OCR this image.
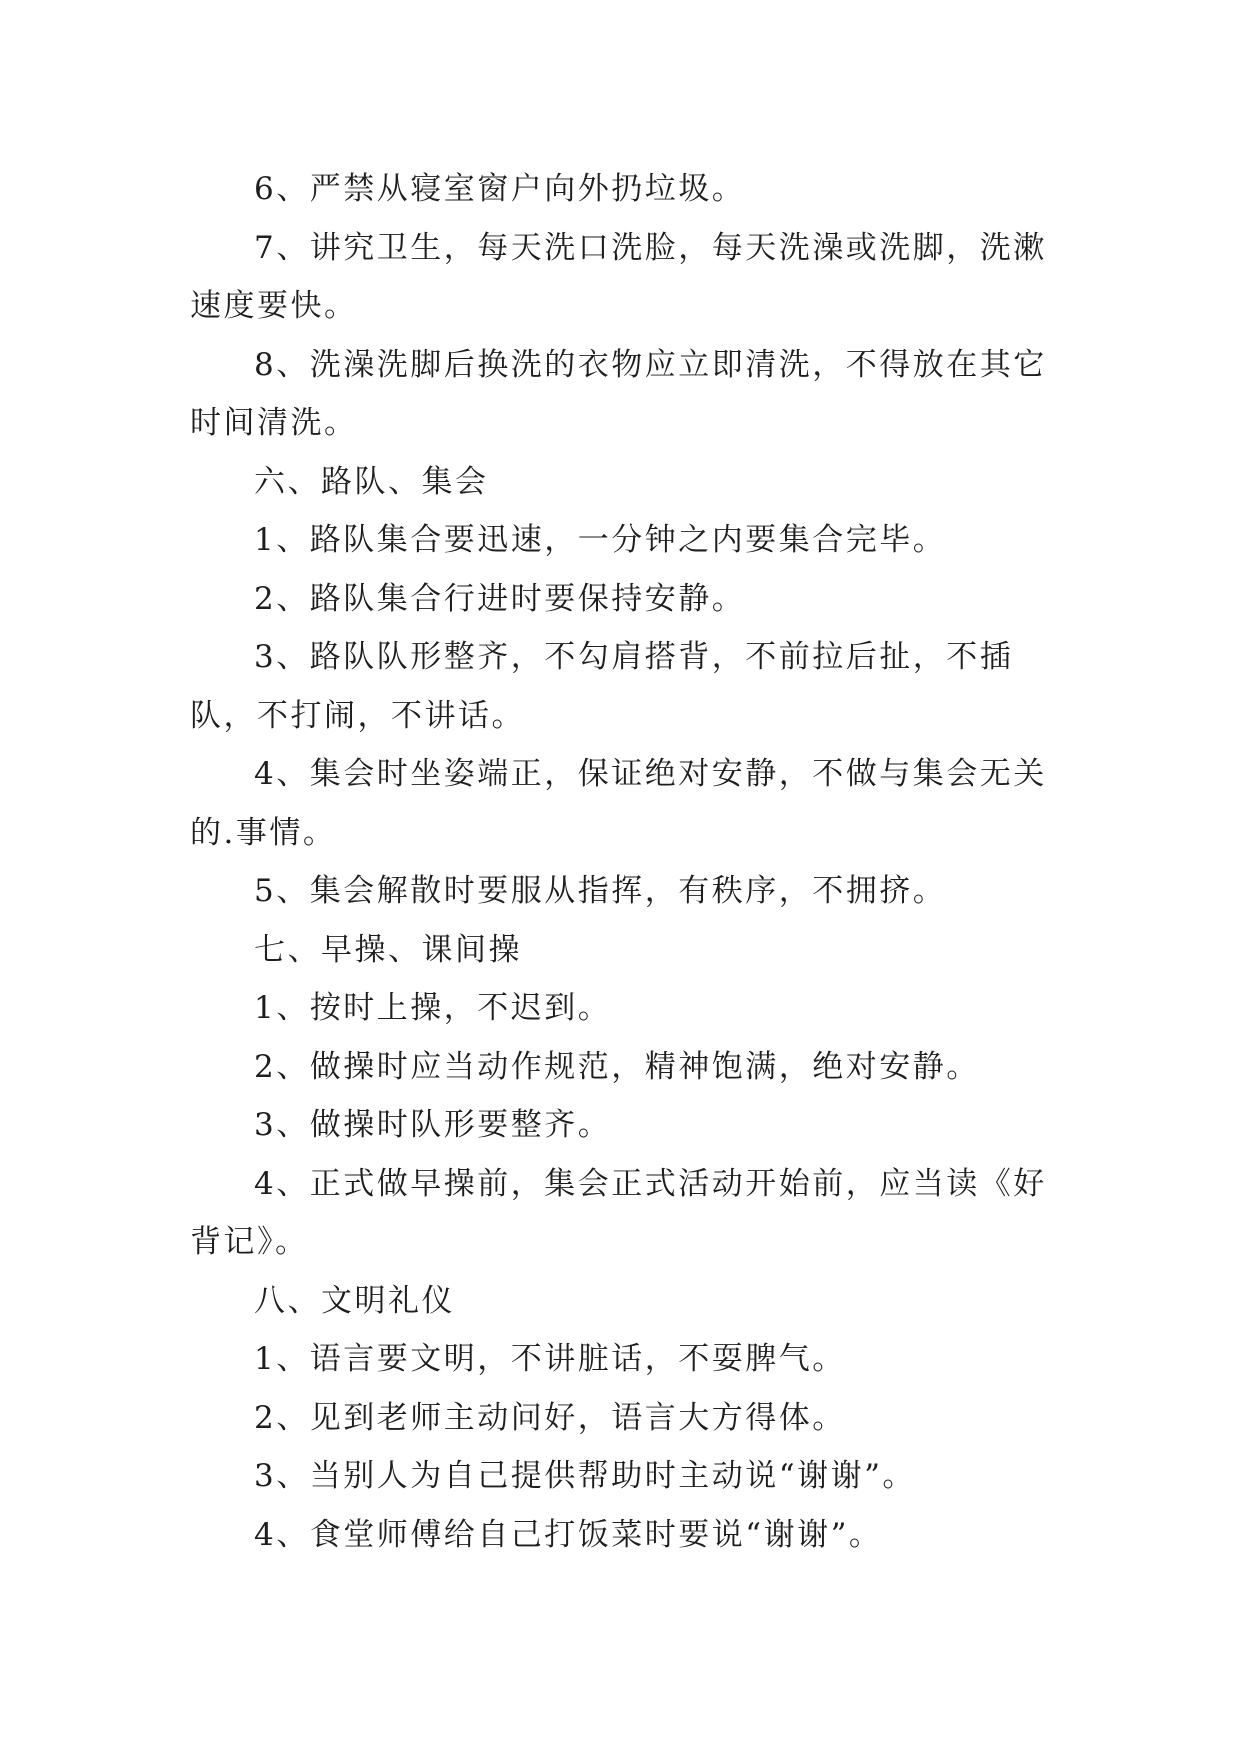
6、严禁从寝室窗户向外扔垃圾。

7、讲究卫生，每天洗口洗脸，每天洗澡或洗脚，洗漱速度要快。

8、洗澡洗脚后换洗的衣物应立即清洗，不得放在其它时间清洗。

六、路队、集会

1、路队集合要迅速，一分钟之内要集合完毕。

2、路队集合行进时要保持安静。

3、路队队形整齐，不勾肩搭背，不前拉后扯，不插队，不打闹，不讲话。

4、集会时坐姿端正，保证绝对安静，不做与集会无关的.事情。

5、集会解散时要服从指挥，有秩序，不拥挤。

七、早操、课间操

1、按时上操，不迟到。

2、做操时应当动作规范，精神饱满，绝对安静。

3、做操时队形要整齐。

4、正式做早操前，集会正式活动开始前，应当读《好背记》。

八、文明礼仪

1、语言要文明，不讲脏话，不耍脾气。

2、见到老师主动问好，语言大方得体。

3、当别人为自己提供帮助时主动说“谢谢”。

4、食堂师傅给自己打饭菜时要说“谢谢”。
